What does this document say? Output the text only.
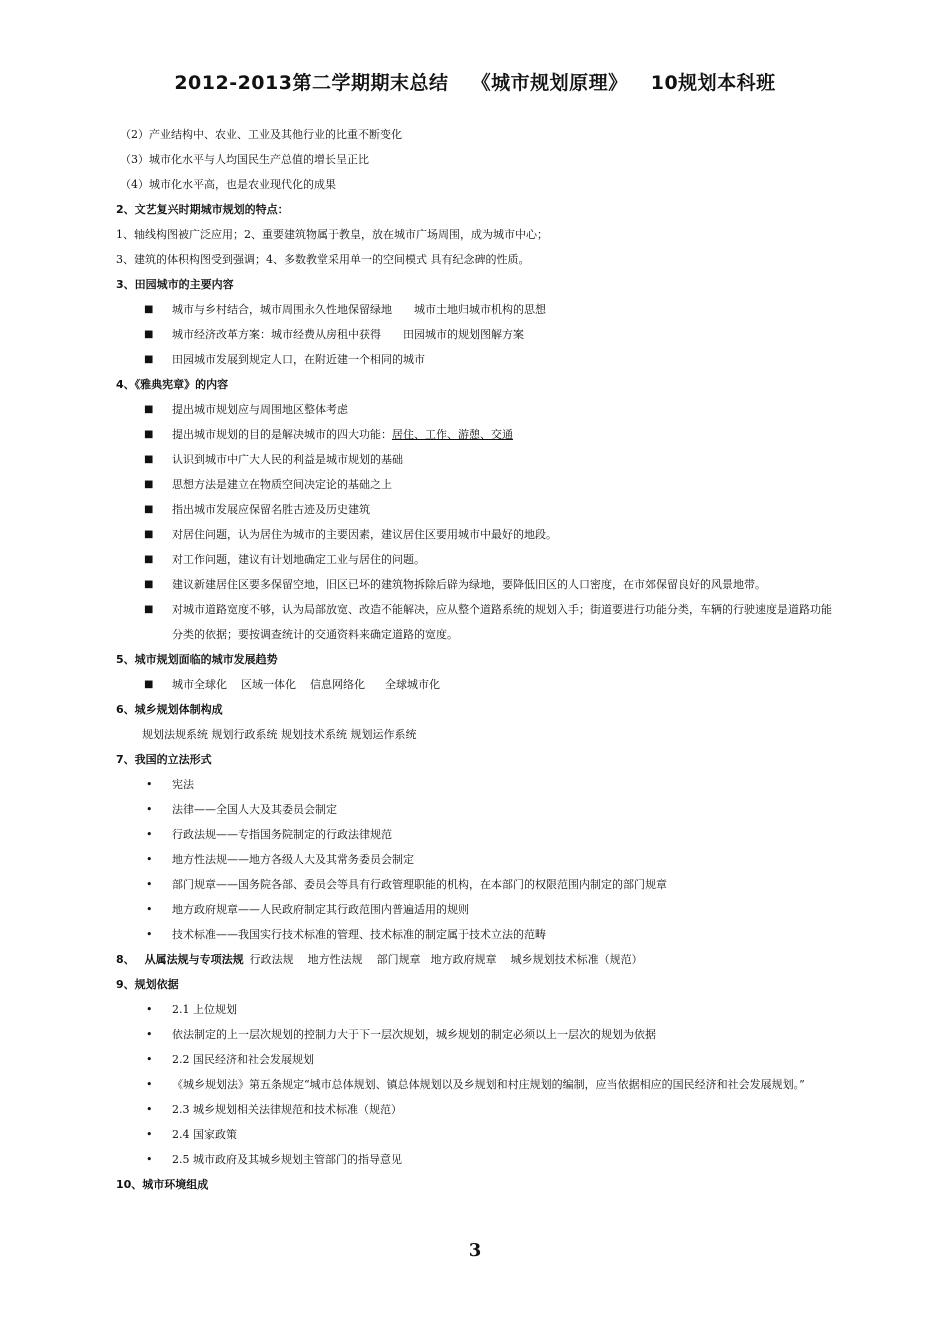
2012-2013第二学期期末总结 《城市规划原理》 10规划本科班
（2）产业结构中、农业、工业及其他行业的比重不断变化
（3）城市化水平与人均国民生产总值的增长呈正比
（4）城市化水平高，也是农业现代化的成果
2、文艺复兴时期城市规划的特点：
1、轴线构图被广泛应用；2、重要建筑物属于教皇，放在城市广场周围，成为城市中心；
3、建筑的体积构图受到强调；4、多数教堂采用单一的空间模式 具有纪念碑的性质。
3、田园城市的主要内容
■ 城市与乡村结合，城市周围永久性地保留绿地 城市土地归城市机构的思想
■ 城市经济改革方案：城市经费从房租中获得 田园城市的规划图解方案
■ 田园城市发展到规定人口，在附近建一个相同的城市
4、《雅典宪章》的内容
■ 提出城市规划应与周围地区整体考虑
■ 提出城市规划的目的是解决城市的四大功能：居住、工作、游憩、交通
■ 认识到城市中广大人民的利益是城市规划的基础
■ 思想方法是建立在物质空间决定论的基础之上
■ 指出城市发展应保留名胜古迹及历史建筑
■ 对居住问题，认为居住为城市的主要因素，建议居住区要用城市中最好的地段。
■ 对工作问题，建议有计划地确定工业与居住的问题。
■ 建议新建居住区要多保留空地，旧区已坏的建筑物拆除后辟为绿地，要降低旧区的人口密度，在市郊保留良好的风景地带。
■ 对城市道路宽度不够，认为局部放宽、改造不能解决，应从整个道路系统的规划入手；街道要进行功能分类，车辆的行驶速度是道路功能分类的依据；要按调查统计的交通资料来确定道路的宽度。
5、城市规划面临的城市发展趋势
■ 城市全球化 区域一体化 信息网络化 全球城市化
6、城乡规划体制构成
规划法规系统 规划行政系统 规划技术系统 规划运作系统
7、我国的立法形式
• 宪法
• 法律——全国人大及其委员会制定
• 行政法规——专指国务院制定的行政法律规范
• 地方性法规——地方各级人大及其常务委员会制定
• 部门规章——国务院各部、委员会等具有行政管理职能的机构，在本部门的权限范围内制定的部门规章
• 地方政府规章——人民政府制定其行政范围内普遍适用的规则
• 技术标准——我国实行技术标准的管理、技术标准的制定属于技术立法的范畴
8、 从属法规与专项法规 行政法规 地方性法规 部门规章 地方政府规章 城乡规划技术标准（规范）
9、规划依据
• 2.1 上位规划
• 依法制定的上一层次规划的控制力大于下一层次规划，城乡规划的制定必须以上一层次的规划为依据
• 2.2 国民经济和社会发展规划
• 《城乡规划法》第五条规定“城市总体规划、镇总体规划以及乡规划和村庄规划的编制，应当依据相应的国民经济和社会发展规划。”
• 2.3 城乡规划相关法律规范和技术标准（规范）
• 2.4 国家政策
• 2.5 城市政府及其城乡规划主管部门的指导意见
10、城市环境组成
3
